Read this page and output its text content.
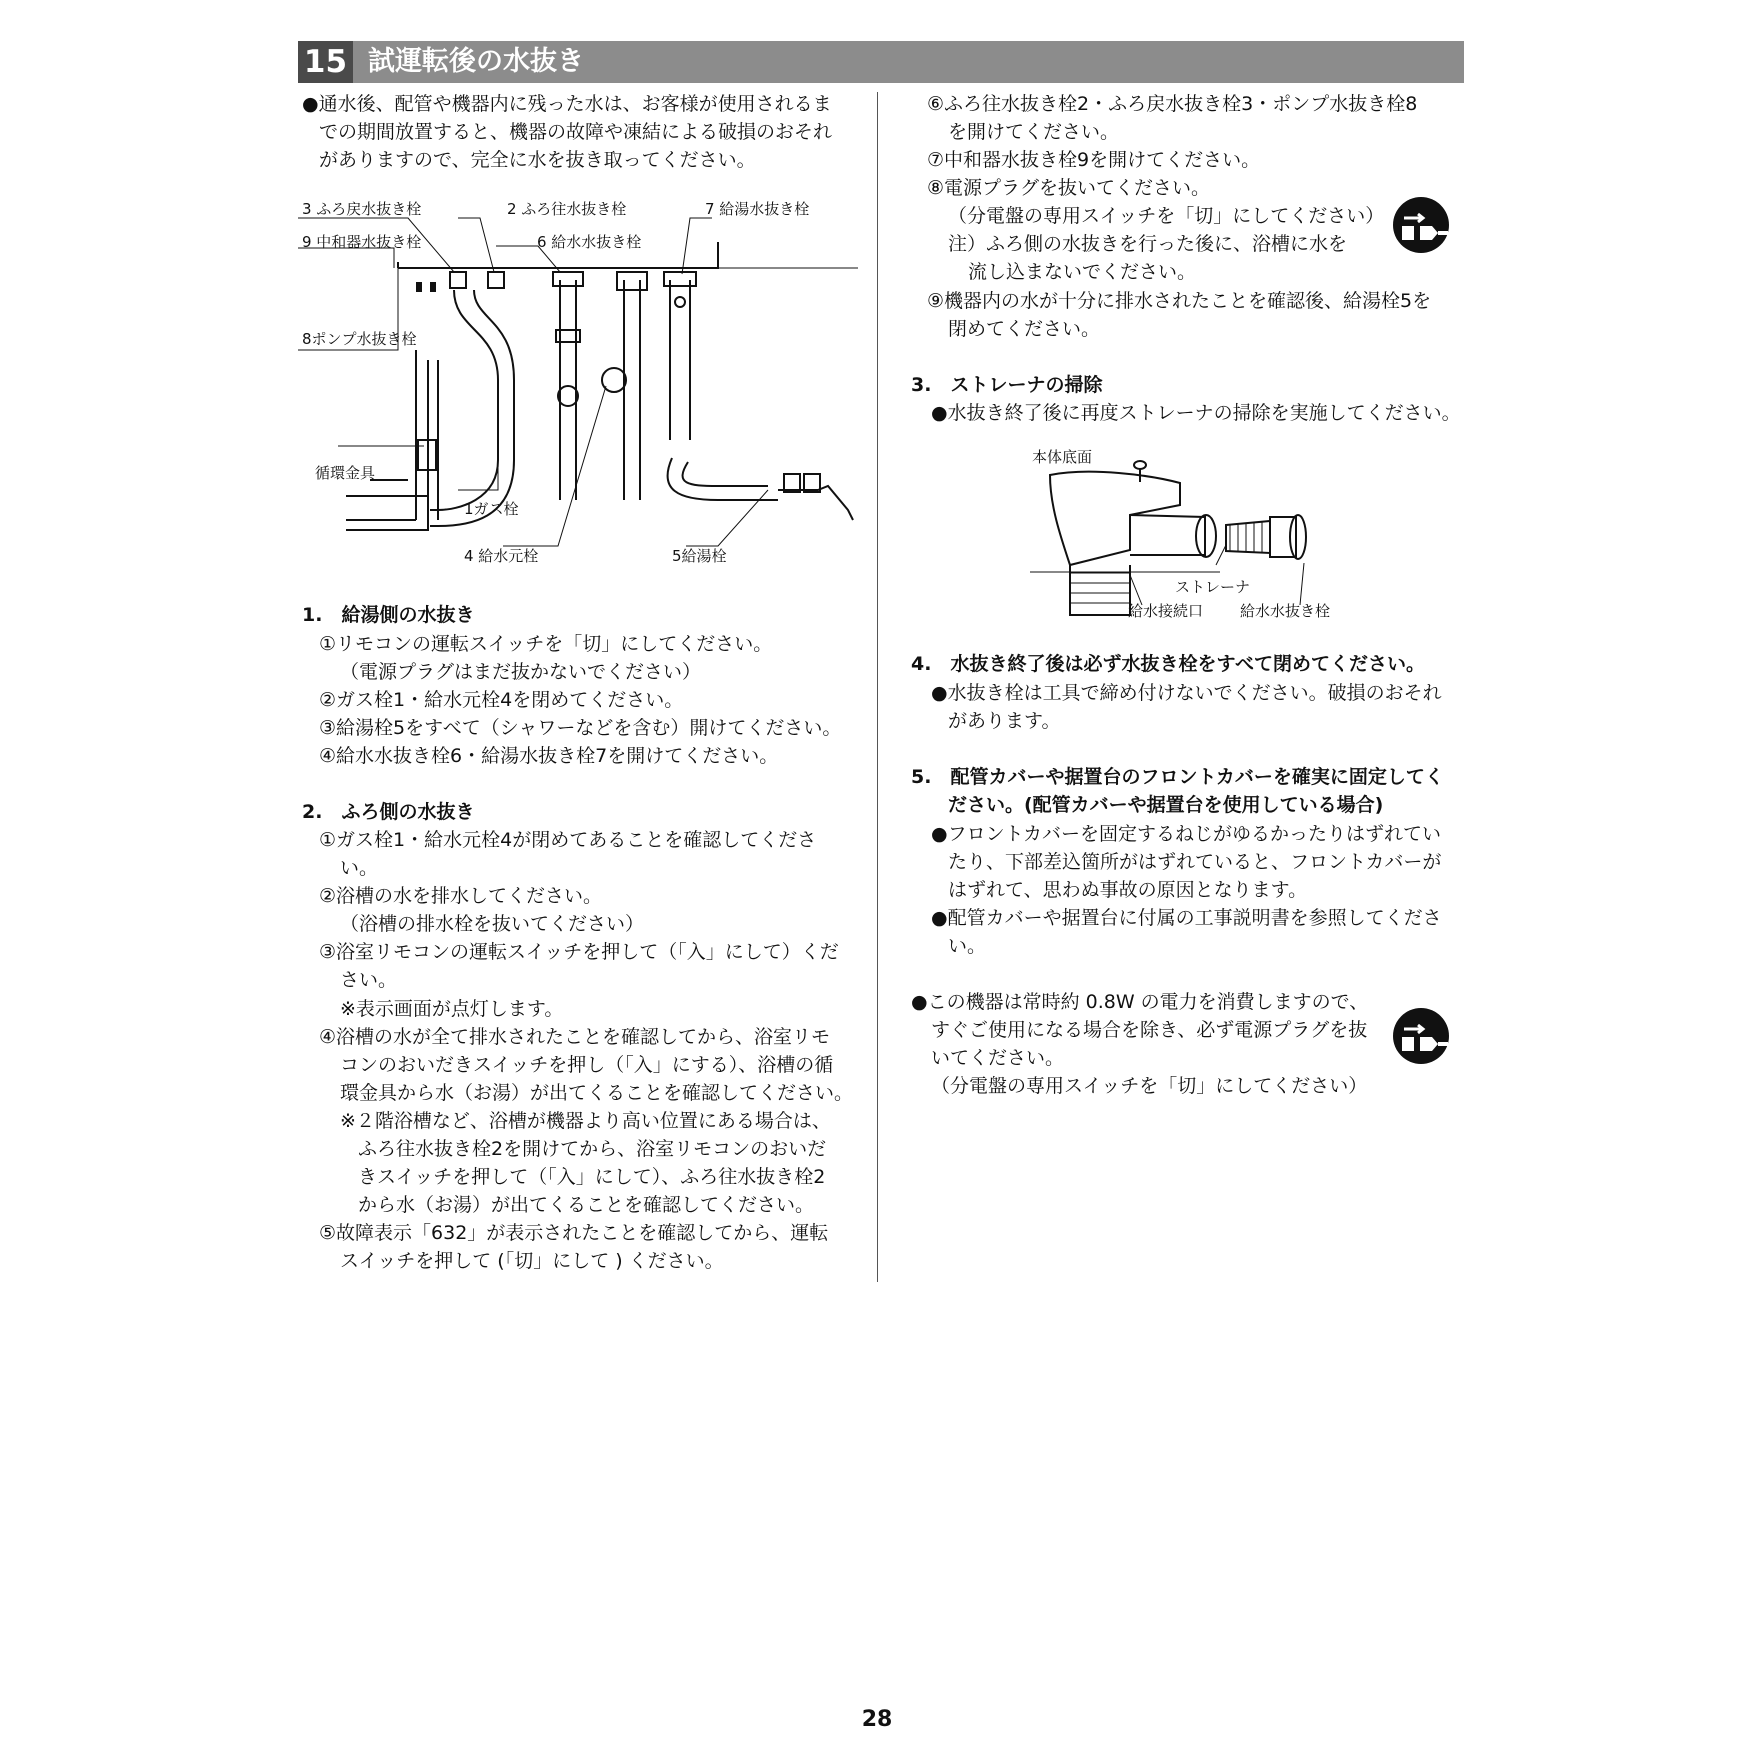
15 試運転後の水抜き
●通水後、配管や機器内に残った水は、お客様が使用されるま
での期間放置すると、機器の故障や凍結による破損のおそれ
がありますので、完全に水を抜き取ってください。
3 ふろ戻水抜き栓	2 ふろ往水抜き栓	7 給湯水抜き栓
9 中和器水抜き栓	6 給水水抜き栓
8ポンプ水抜き栓
循環金具
1ガス栓
4 給水元栓	5給湯栓
1.　給湯側の水抜き
①リモコンの運転スイッチを「切」にしてください。
（電源プラグはまだ抜かないでください）
②ガス栓1・給水元栓4を閉めてください。
③給湯栓5をすべて（シャワーなどを含む）開けてください。
④給水水抜き栓6・給湯水抜き栓7を開けてください。
2.　ふろ側の水抜き
①ガス栓1・給水元栓4が閉めてあることを確認してくださ
い。
②浴槽の水を排水してください。
（浴槽の排水栓を抜いてください）
③浴室リモコンの運転スイッチを押して（「入」にして）くだ
さい。
※表示画面が点灯します。
④浴槽の水が全て排水されたことを確認してから、浴室リモ
コンのおいだきスイッチを押し（「入」にする）、浴槽の循
環金具から水（お湯）が出てくることを確認してください。
※２階浴槽など、浴槽が機器より高い位置にある場合は、
ふろ往水抜き栓2を開けてから、浴室リモコンのおいだ
きスイッチを押して（「入」にして）、ふろ往水抜き栓2
から水（お湯）が出てくることを確認してください。
⑤故障表示「632」が表示されたことを確認してから、運転
スイッチを押して (「切」にして ) ください。
⑥ふろ往水抜き栓2・ふろ戻水抜き栓3・ポンプ水抜き栓8
を開けてください。
⑦中和器水抜き栓9を開けてください。
⑧電源プラグを抜いてください。
（分電盤の専用スイッチを「切」にしてください）
注）ふろ側の水抜きを行った後に、浴槽に水を
流し込まないでください。
⑨機器内の水が十分に排水されたことを確認後、給湯栓5を
閉めてください。
3.　ストレーナの掃除
●水抜き終了後に再度ストレーナの掃除を実施してください。
本体底面
ストレーナ
給水接続口 給水水抜き栓
4.　水抜き終了後は必ず水抜き栓をすべて閉めてください。
●水抜き栓は工具で締め付けないでください。破損のおそれ
があります。
5.　配管カバーや据置台のフロントカバーを確実に固定してく
ださい。(配管カバーや据置台を使用している場合)
●フロントカバーを固定するねじがゆるかったりはずれてい
たり、下部差込箇所がはずれていると、フロントカバーが
はずれて、思わぬ事故の原因となります。
●配管カバーや据置台に付属の工事説明書を参照してくださ
い。
●この機器は常時約 0.8W の電力を消費しますので、
すぐご使用になる場合を除き、必ず電源プラグを抜
いてください。
（分電盤の専用スイッチを「切」にしてください）
28
